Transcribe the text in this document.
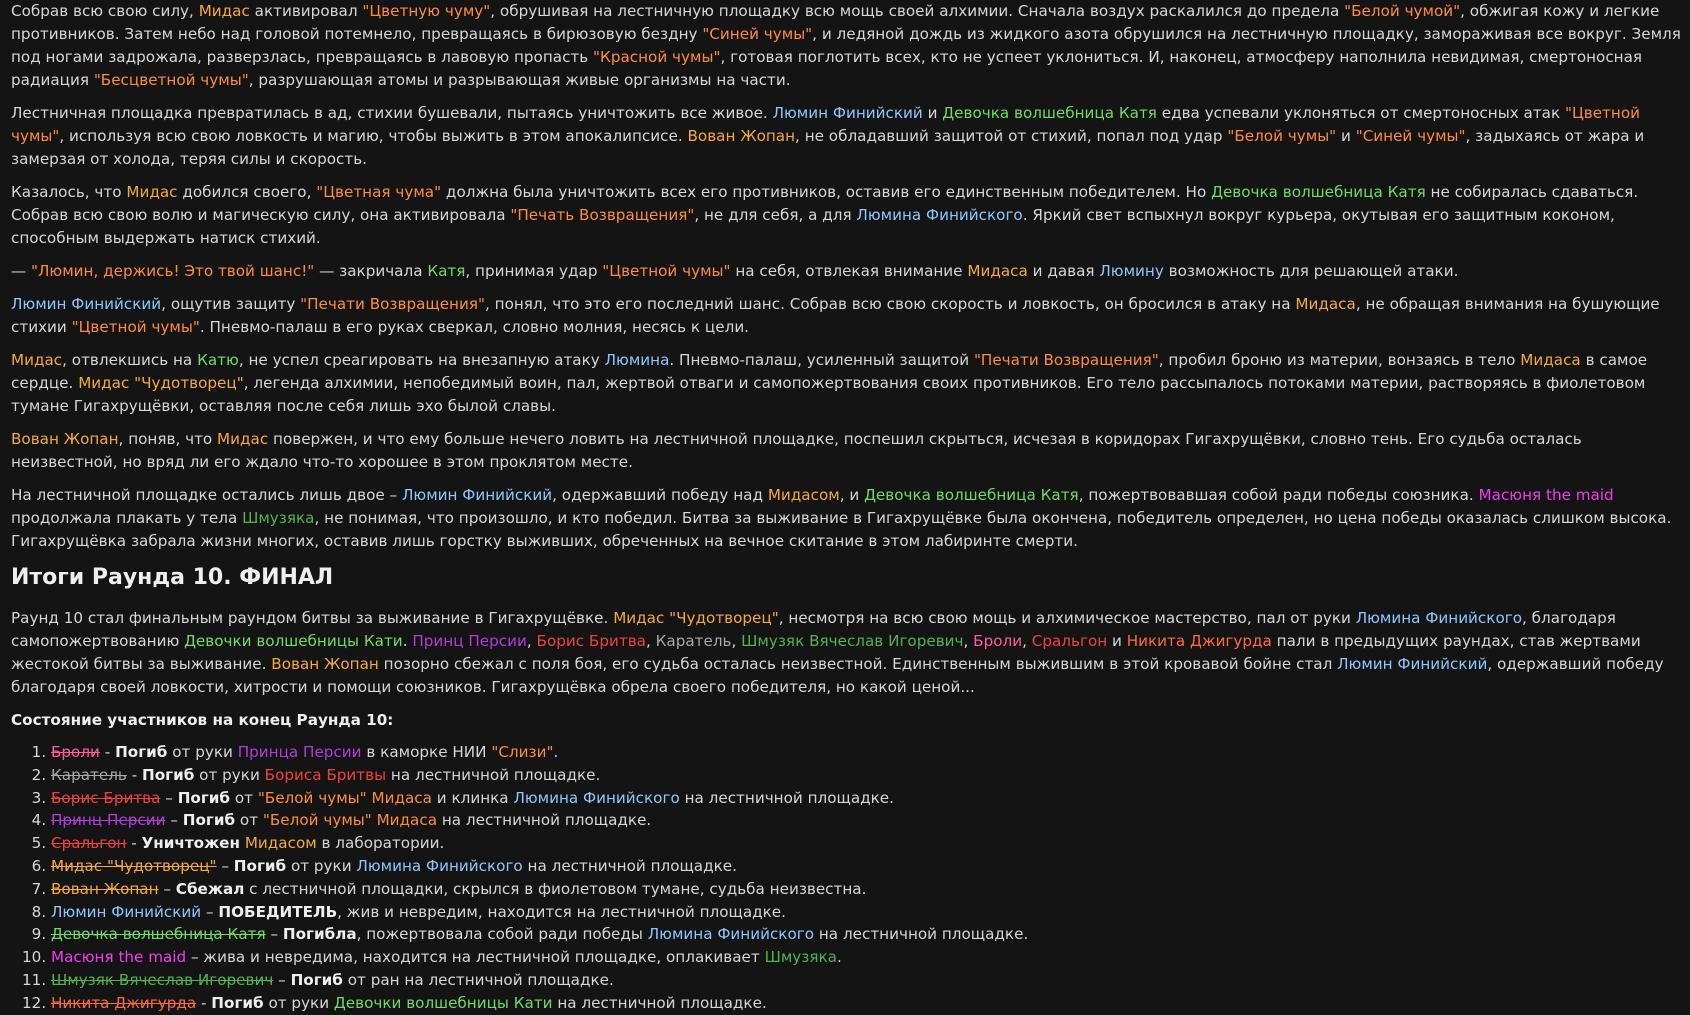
Собрав всю свою силу, Мидас активировал "Цветную чуму", обрушивая на лестничную площадку всю мощь своей алхимии. Сначала воздух раскалился до предела "Белой чумой", обжигая кожу и легкие противников. Затем небо над головой потемнело, превращаясь в бирюзовую бездну "Синей чумы", и ледяной дождь из жидкого азота обрушился на лестничную площадку, замораживая все вокруг. Земля под ногами задрожала, разверзлась, превращаясь в лавовую пропасть "Красной чумы", готовая поглотить всех, кто не успеет уклониться. И, наконец, атмосферу наполнила невидимая, смертоносная радиация "Бесцветной чумы", разрушающая атомы и разрывающая живые организмы на части.

Лестничная площадка превратилась в ад, стихии бушевали, пытаясь уничтожить все живое. Люмин Финийский и Девочка волшебница Катя едва успевали уклоняться от смертоносных атак "Цветной чумы", используя всю свою ловкость и магию, чтобы выжить в этом апокалипсисе. Вован Жопан, не обладавший защитой от стихий, попал под удар "Белой чумы" и "Синей чумы", задыхаясь от жара и замерзая от холода, теряя силы и скорость.

Казалось, что Мидас добился своего, "Цветная чума" должна была уничтожить всех его противников, оставив его единственным победителем. Но Девочка волшебница Катя не собиралась сдаваться. Собрав всю свою волю и магическую силу, она активировала "Печать Возвращения", не для себя, а для Люмина Финийского. Яркий свет вспыхнул вокруг курьера, окутывая его защитным коконом, способным выдержать натиск стихий.

— "Люмин, держись! Это твой шанс!" — закричала Катя, принимая удар "Цветной чумы" на себя, отвлекая внимание Мидаса и давая Люмину возможность для решающей атаки.

Люмин Финийский, ощутив защиту "Печати Возвращения", понял, что это его последний шанс. Собрав всю свою скорость и ловкость, он бросился в атаку на Мидаса, не обращая внимания на бушующие стихии "Цветной чумы". Пневмо-палаш в его руках сверкал, словно молния, несясь к цели.

Мидас, отвлекшись на Катю, не успел среагировать на внезапную атаку Люмина. Пневмо-палаш, усиленный защитой "Печати Возвращения", пробил броню из материи, вонзаясь в тело Мидаса в самое сердце. Мидас "Чудотворец", легенда алхимии, непобедимый воин, пал, жертвой отваги и самопожертвования своих противников. Его тело рассыпалось потоками материи, растворяясь в фиолетовом тумане Гигахрущёвки, оставляя после себя лишь эхо былой славы.

Вован Жопан, поняв, что Мидас повержен, и что ему больше нечего ловить на лестничной площадке, поспешил скрыться, исчезая в коридорах Гигахрущёвки, словно тень. Его судьба осталась неизвестной, но вряд ли его ждало что-то хорошее в этом проклятом месте.

На лестничной площадке остались лишь двое – Люмин Финийский, одержавший победу над Мидасом, и Девочка волшебница Катя, пожертвовавшая собой ради победы союзника. Масюня the maid продолжала плакать у тела Шмузяка, не понимая, что произошло, и кто победил. Битва за выживание в Гигахрущёвке была окончена, победитель определен, но цена победы оказалась слишком высока. Гигахрущёвка забрала жизни многих, оставив лишь горстку выживших, обреченных на вечное скитание в этом лабиринте смерти.

Итоги Раунда 10. ФИНАЛ

Раунд 10 стал финальным раундом битвы за выживание в Гигахрущёвке. Мидас "Чудотворец", несмотря на всю свою мощь и алхимическое мастерство, пал от руки Люмина Финийского, благодаря самопожертвованию Девочки волшебницы Кати. Принц Персии, Борис Бритва, Каратель, Шмузяк Вячеслав Игоревич, Броли, Сральгон и Никита Джигурда пали в предыдущих раундах, став жертвами жестокой битвы за выживание. Вован Жопан позорно сбежал с поля боя, его судьба осталась неизвестной. Единственным выжившим в этой кровавой бойне стал Люмин Финийский, одержавший победу благодаря своей ловкости, хитрости и помощи союзников. Гигахрущёвка обрела своего победителя, но какой ценой...

Состояние участников на конец Раунда 10:

1. Броли - Погиб от руки Принца Персии в каморке НИИ "Слизи".
2. Каратель - Погиб от руки Бориса Бритвы на лестничной площадке.
3. Борис Бритва – Погиб от "Белой чумы" Мидаса и клинка Люмина Финийского на лестничной площадке.
4. Принц Персии – Погиб от "Белой чумы" Мидаса на лестничной площадке.
5. Сральгон - Уничтожен Мидасом в лаборатории.
6. Мидас "Чудотворец" – Погиб от руки Люмина Финийского на лестничной площадке.
7. Вован Жопан – Сбежал с лестничной площадки, скрылся в фиолетовом тумане, судьба неизвестна.
8. Люмин Финийский – ПОБЕДИТЕЛЬ, жив и невредим, находится на лестничной площадке.
9. Девочка волшебница Катя – Погибла, пожертвовала собой ради победы Люмина Финийского на лестничной площадке.
10. Масюня the maid – жива и невредима, находится на лестничной площадке, оплакивает Шмузяка.
11. Шмузяк Вячеслав Игоревич – Погиб от ран на лестничной площадке.
12. Никита Джигурда - Погиб от руки Девочки волшебницы Кати на лестничной площадке.
